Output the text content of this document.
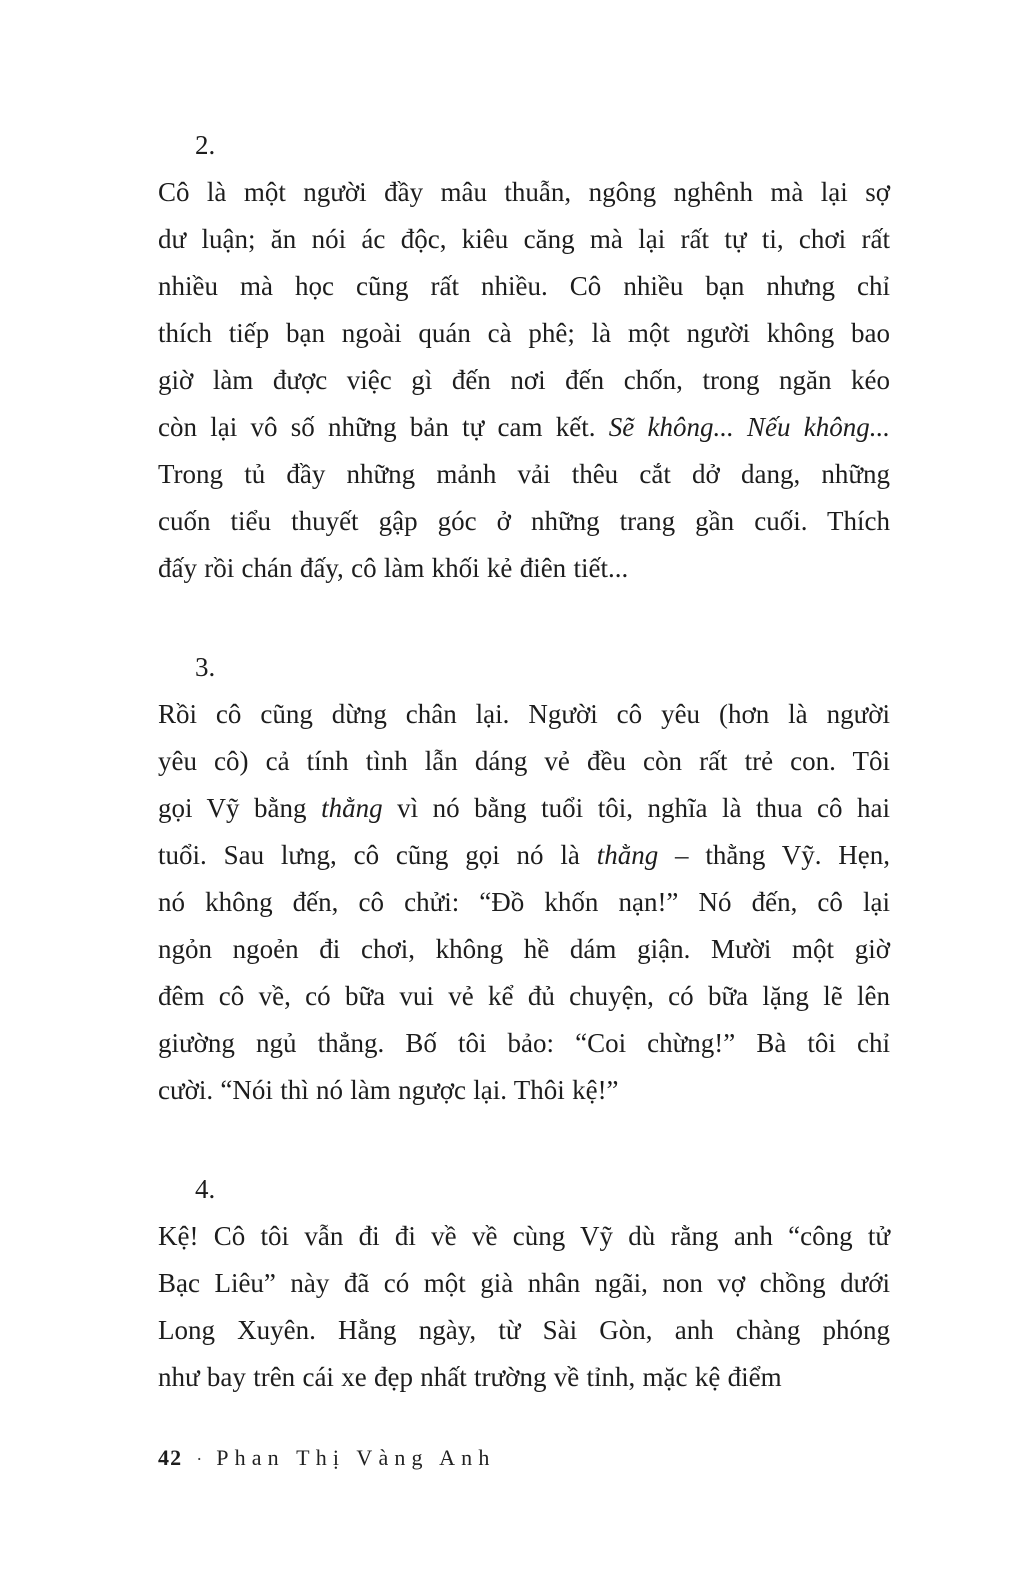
2.
Cô là một người đầy mâu thuẫn, ngông nghênh mà lại sợ
dư luận; ăn nói ác độc, kiêu căng mà lại rất tự ti, chơi rất
nhiều mà học cũng rất nhiều. Cô nhiều bạn nhưng chỉ
thích tiếp bạn ngoài quán cà phê; là một người không bao
giờ làm được việc gì đến nơi đến chốn, trong ngăn kéo
còn lại vô số những bản tự cam kết. Sẽ không... Nếu không...
Trong tủ đầy những mảnh vải thêu cắt dở dang, những
cuốn tiểu thuyết gập góc ở những trang gần cuối. Thích
đấy rồi chán đấy, cô làm khối kẻ điên tiết...
3.
Rồi cô cũng dừng chân lại. Người cô yêu (hơn là người
yêu cô) cả tính tình lẫn dáng vẻ đều còn rất trẻ con. Tôi
gọi Vỹ bằng thằng vì nó bằng tuổi tôi, nghĩa là thua cô hai
tuổi. Sau lưng, cô cũng gọi nó là thằng – thằng Vỹ. Hẹn,
nó không đến, cô chửi: “Đồ khốn nạn!” Nó đến, cô lại
ngỏn ngoẻn đi chơi, không hề dám giận. Mười một giờ
đêm cô về, có bữa vui vẻ kể đủ chuyện, có bữa lặng lẽ lên
giường ngủ thẳng. Bố tôi bảo: “Coi chừng!” Bà tôi chỉ
cười. “Nói thì nó làm ngược lại. Thôi kệ!”
4.
Kệ! Cô tôi vẫn đi đi về về cùng Vỹ dù rằng anh “công tử
Bạc Liêu” này đã có một già nhân ngãi, non vợ chồng dưới
Long Xuyên. Hằng ngày, từ Sài Gòn, anh chàng phóng
như bay trên cái xe đẹp nhất trường về tỉnh, mặc kệ điểm
42 · Phan Thị Vàng Anh
